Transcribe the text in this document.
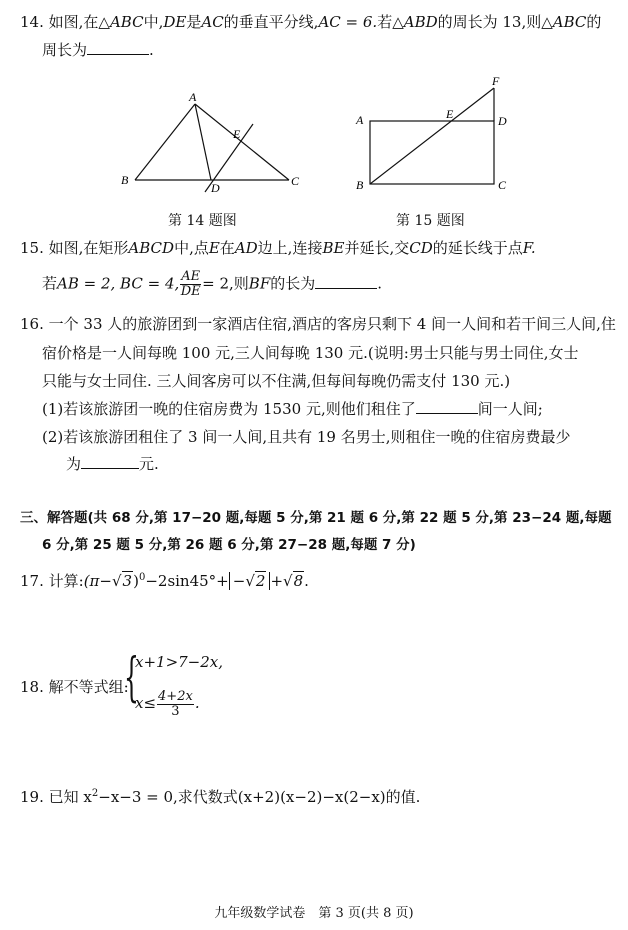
14. 如图,在△ABC中,DE是AC的垂直平分线,AC = 6.若△ABD的周长为 13,则△ABC的
周长为	.
A
B	C
D
E
第 14 题图
A
B	C
D
E
F
第 15 题图
15. 如图,在矩形ABCD中,点E在AD边上,连接BE并延长,交CD的延长线于点F.
若AB = 2, BC = 4, $\frac{AE}{DE} = 2$,则BF的长为	.
16. 一个 33 人的旅游团到一家酒店住宿,酒店的客房只剩下 4 间一人间和若干间三人间,住
宿价格是一人间每晚 100 元,三人间每晚 130 元.(说明:男士只能与男士同住,女士
只能与女士同住. 三人间客房可以不住满,但每间每晚仍需支付 130 元.)
(1)若该旅游团一晚的住宿房费为 1530 元,则他们租住了	间一人间;
(2)若该旅游团租住了 3 间一人间,且共有 19 名男士,则租住一晚的住宿房费最少
为	元.
三、解答题(共 68 分,第 17−20 题,每题 5 分,第 21 题 6 分,第 22 题 5 分,第 23−24 题,每题
6 分,第 25 题 5 分,第 26 题 6 分,第 27−28 题,每题 7 分)
17. 计算$:(\pi-√3)^0-2\sin 45^\circ+ -√2 +√8$.
18. 解不等式组:
{
x+1>7−2x,
$x\le \frac{4+2x}{3}$ .
19. 已知 $x^2-x-3 = 0$,求代数式(x+2)(x−2)−x(2−x)的值.
九年级数学试卷　第 3 页(共 8 页)
